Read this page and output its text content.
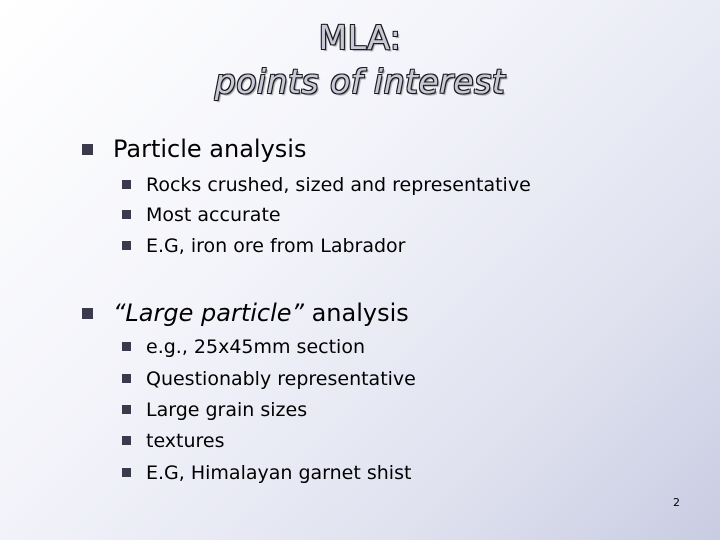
MLA:
points of interest
Particle analysis
Rocks crushed, sized and representative
Most accurate
E.G, iron ore from Labrador
“Large particle” analysis
e.g., 25x45mm section
Questionably representative
Large grain sizes
textures
E.G, Himalayan garnet shist
2
